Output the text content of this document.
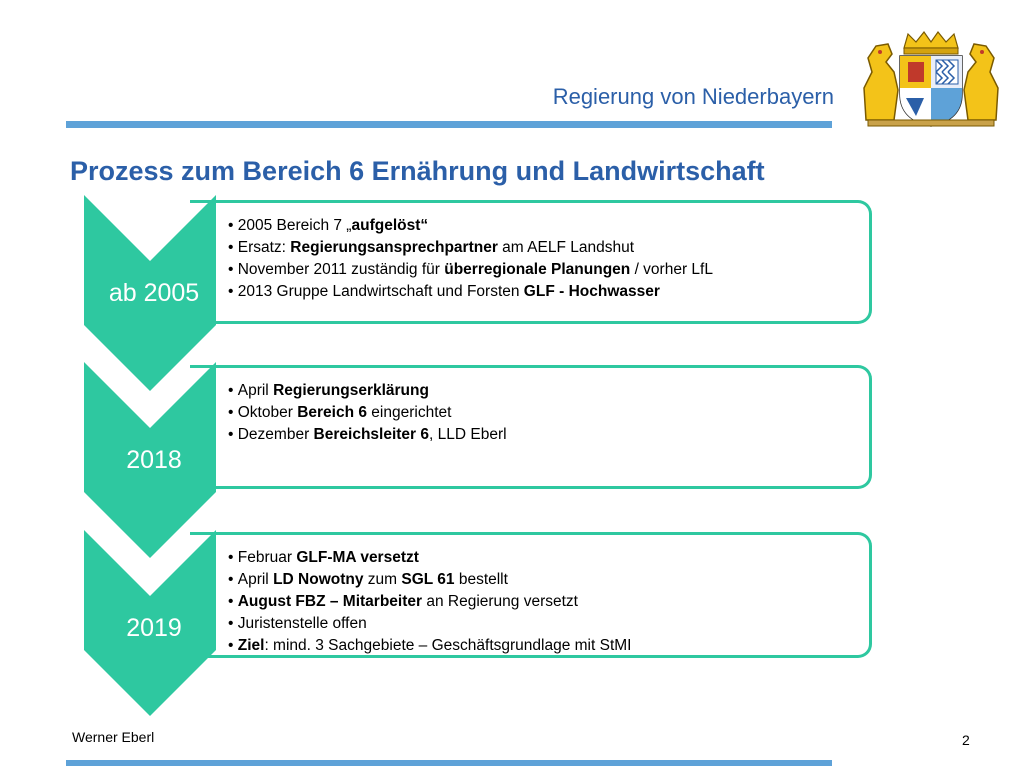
Regierung von Niederbayern
Prozess zum Bereich 6 Ernährung und Landwirtschaft
• 2005 Bereich 7 „aufgelöst“
• Ersatz: Regierungsansprechpartner am AELF Landshut
• November 2011 zuständig für überregionale Planungen / vorher LfL
• 2013 Gruppe Landwirtschaft und Forsten GLF - Hochwasser
ab 2005
• April Regierungserklärung
• Oktober Bereich 6 eingerichtet
• Dezember Bereichsleiter 6, LLD Eberl
2018
• Februar GLF-MA versetzt
• April LD Nowotny zum SGL 61 bestellt
• August FBZ – Mitarbeiter an Regierung versetzt
• Juristenstelle offen
• Ziel: mind. 3 Sachgebiete – Geschäftsgrundlage mit StMI
2019
Werner Eberl	2
